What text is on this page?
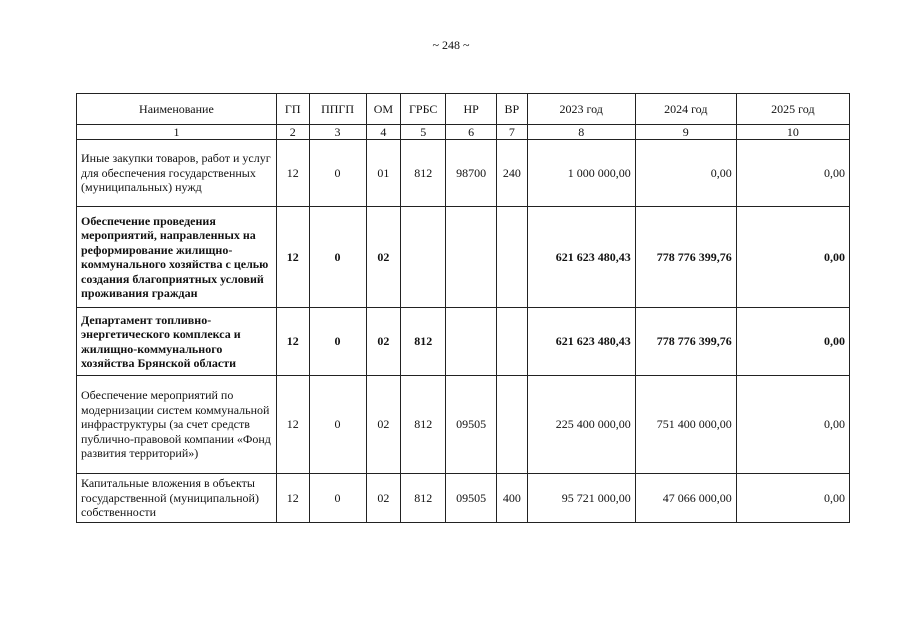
~ 248 ~
Наименование	ГП	ППГП	ОМ	ГРБС	НР	ВР	2023 год	2024 год	2025 год
1	2	3	4	5	6	7	8	9	10
Иные закупки товаров, работ и услуг для обеспечения государственных (муниципальных) нужд	12	0	01	812	98700	240	1 000 000,00	0,00	0,00
Обеспечение проведения мероприятий, направленных на реформирование жилищно-коммунального хозяйства с целью создания благоприятных условий проживания граждан	12	0	02				621 623 480,43	778 776 399,76	0,00
Департамент топливно-энергетического комплекса и жилищно-коммунального хозяйства Брянской области	12	0	02	812			621 623 480,43	778 776 399,76	0,00
Обеспечение мероприятий по модернизации систем коммунальной инфраструктуры (за счет средств публично-правовой компании «Фонд развития территорий»)	12	0	02	812	09505		225 400 000,00	751 400 000,00	0,00
Капитальные вложения в объекты государственной (муниципальной) собственности	12	0	02	812	09505	400	95 721 000,00	47 066 000,00	0,00
